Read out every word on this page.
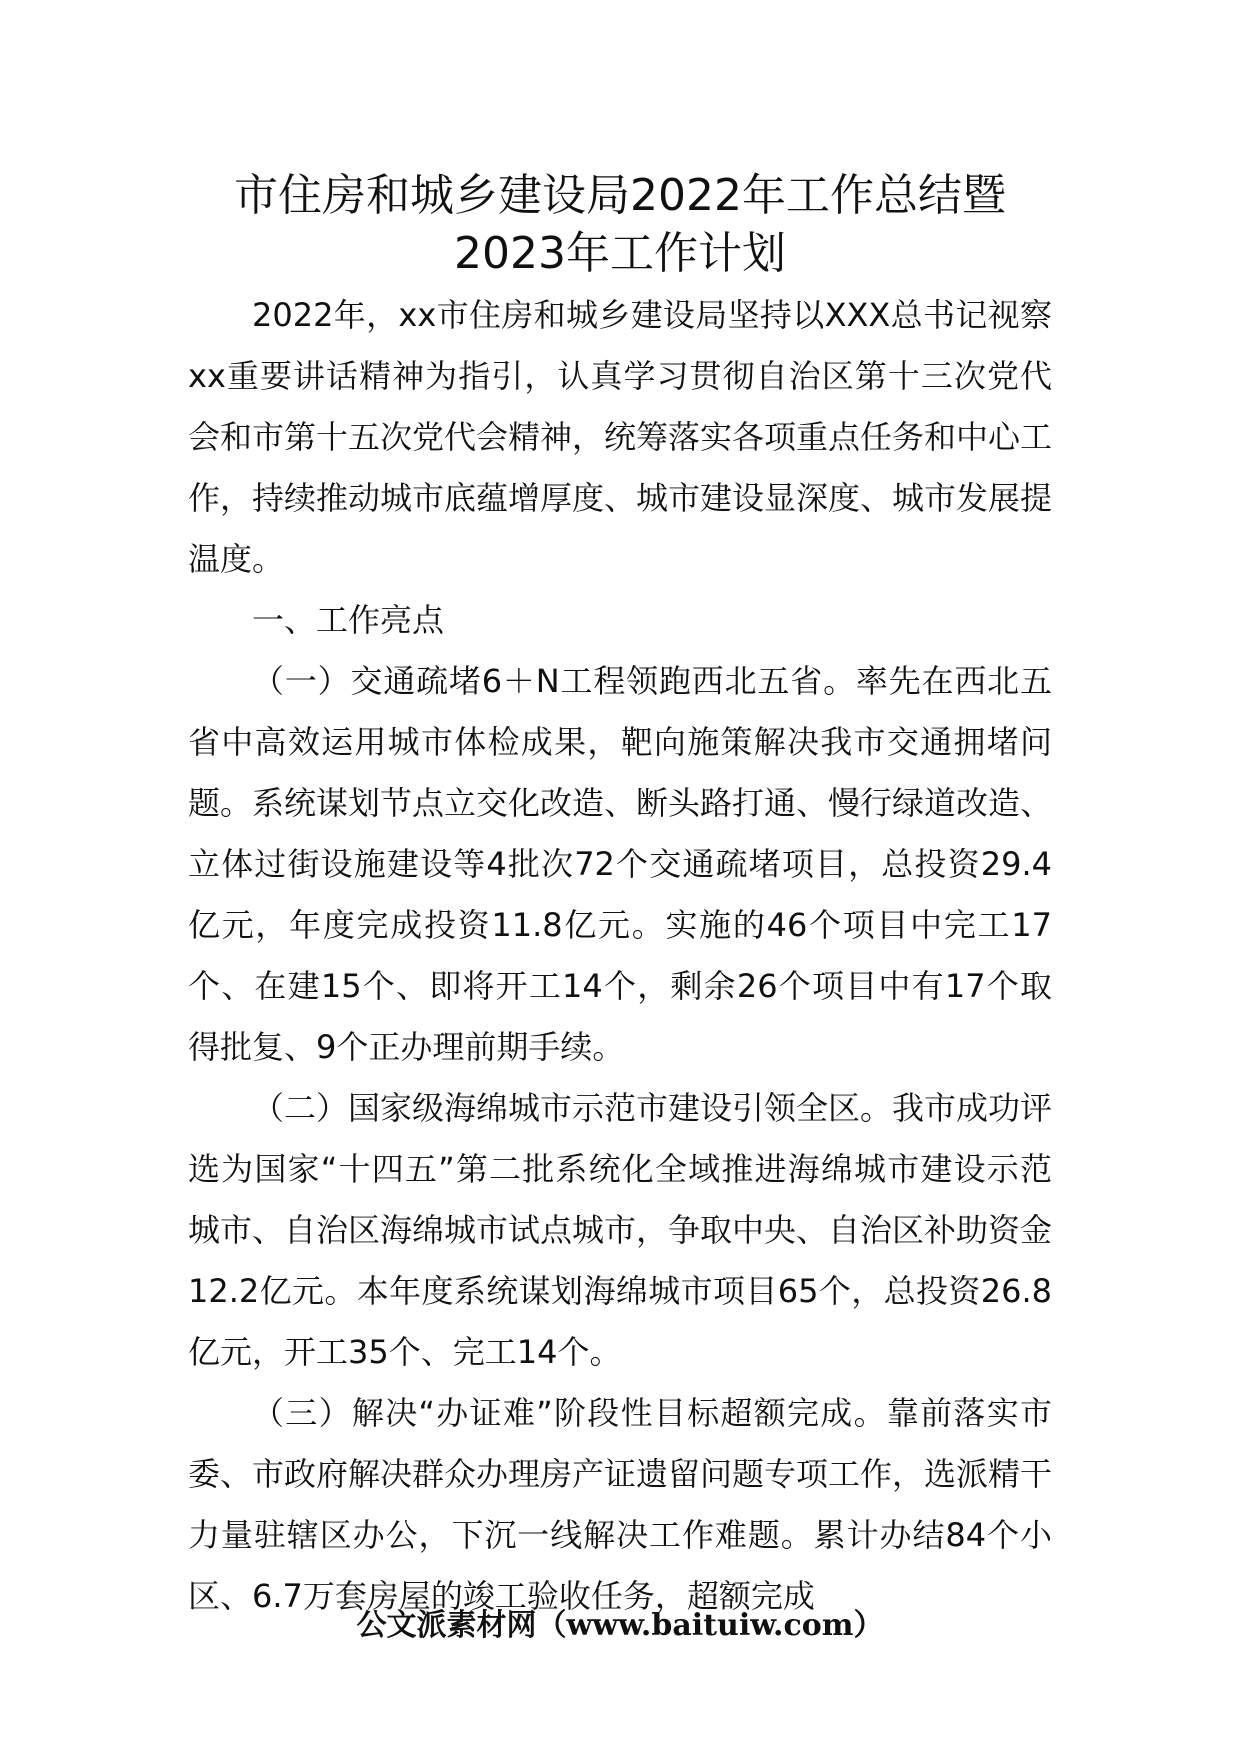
市住房和城乡建设局2022年工作总结暨
2023年工作计划

2022年，xx市住房和城乡建设局坚持以XXX总书记视察xx重要讲话精神为指引，认真学习贯彻自治区第十三次党代会和市第十五次党代会精神，统筹落实各项重点任务和中心工作，持续推动城市底蕴增厚度、城市建设显深度、城市发展提温度。

一、工作亮点

（一）交通疏堵6＋N工程领跑西北五省。率先在西北五省中高效运用城市体检成果，靶向施策解决我市交通拥堵问题。系统谋划节点立交化改造、断头路打通、慢行绿道改造、立体过街设施建设等4批次72个交通疏堵项目，总投资29.4亿元，年度完成投资11.8亿元。实施的46个项目中完工17个、在建15个、即将开工14个，剩余26个项目中有17个取得批复、9个正办理前期手续。

（二）国家级海绵城市示范市建设引领全区。我市成功评选为国家“十四五”第二批系统化全域推进海绵城市建设示范城市、自治区海绵城市试点城市，争取中央、自治区补助资金12.2亿元。本年度系统谋划海绵城市项目65个，总投资26.8亿元，开工35个、完工14个。

（三）解决“办证难”阶段性目标超额完成。靠前落实市委、市政府解决群众办理房产证遗留问题专项工作，选派精干力量驻辖区办公，下沉一线解决工作难题。累计办结84个小区、6.7万套房屋的竣工验收任务，超额完成

公文派素材网（www.baituiw.com）
